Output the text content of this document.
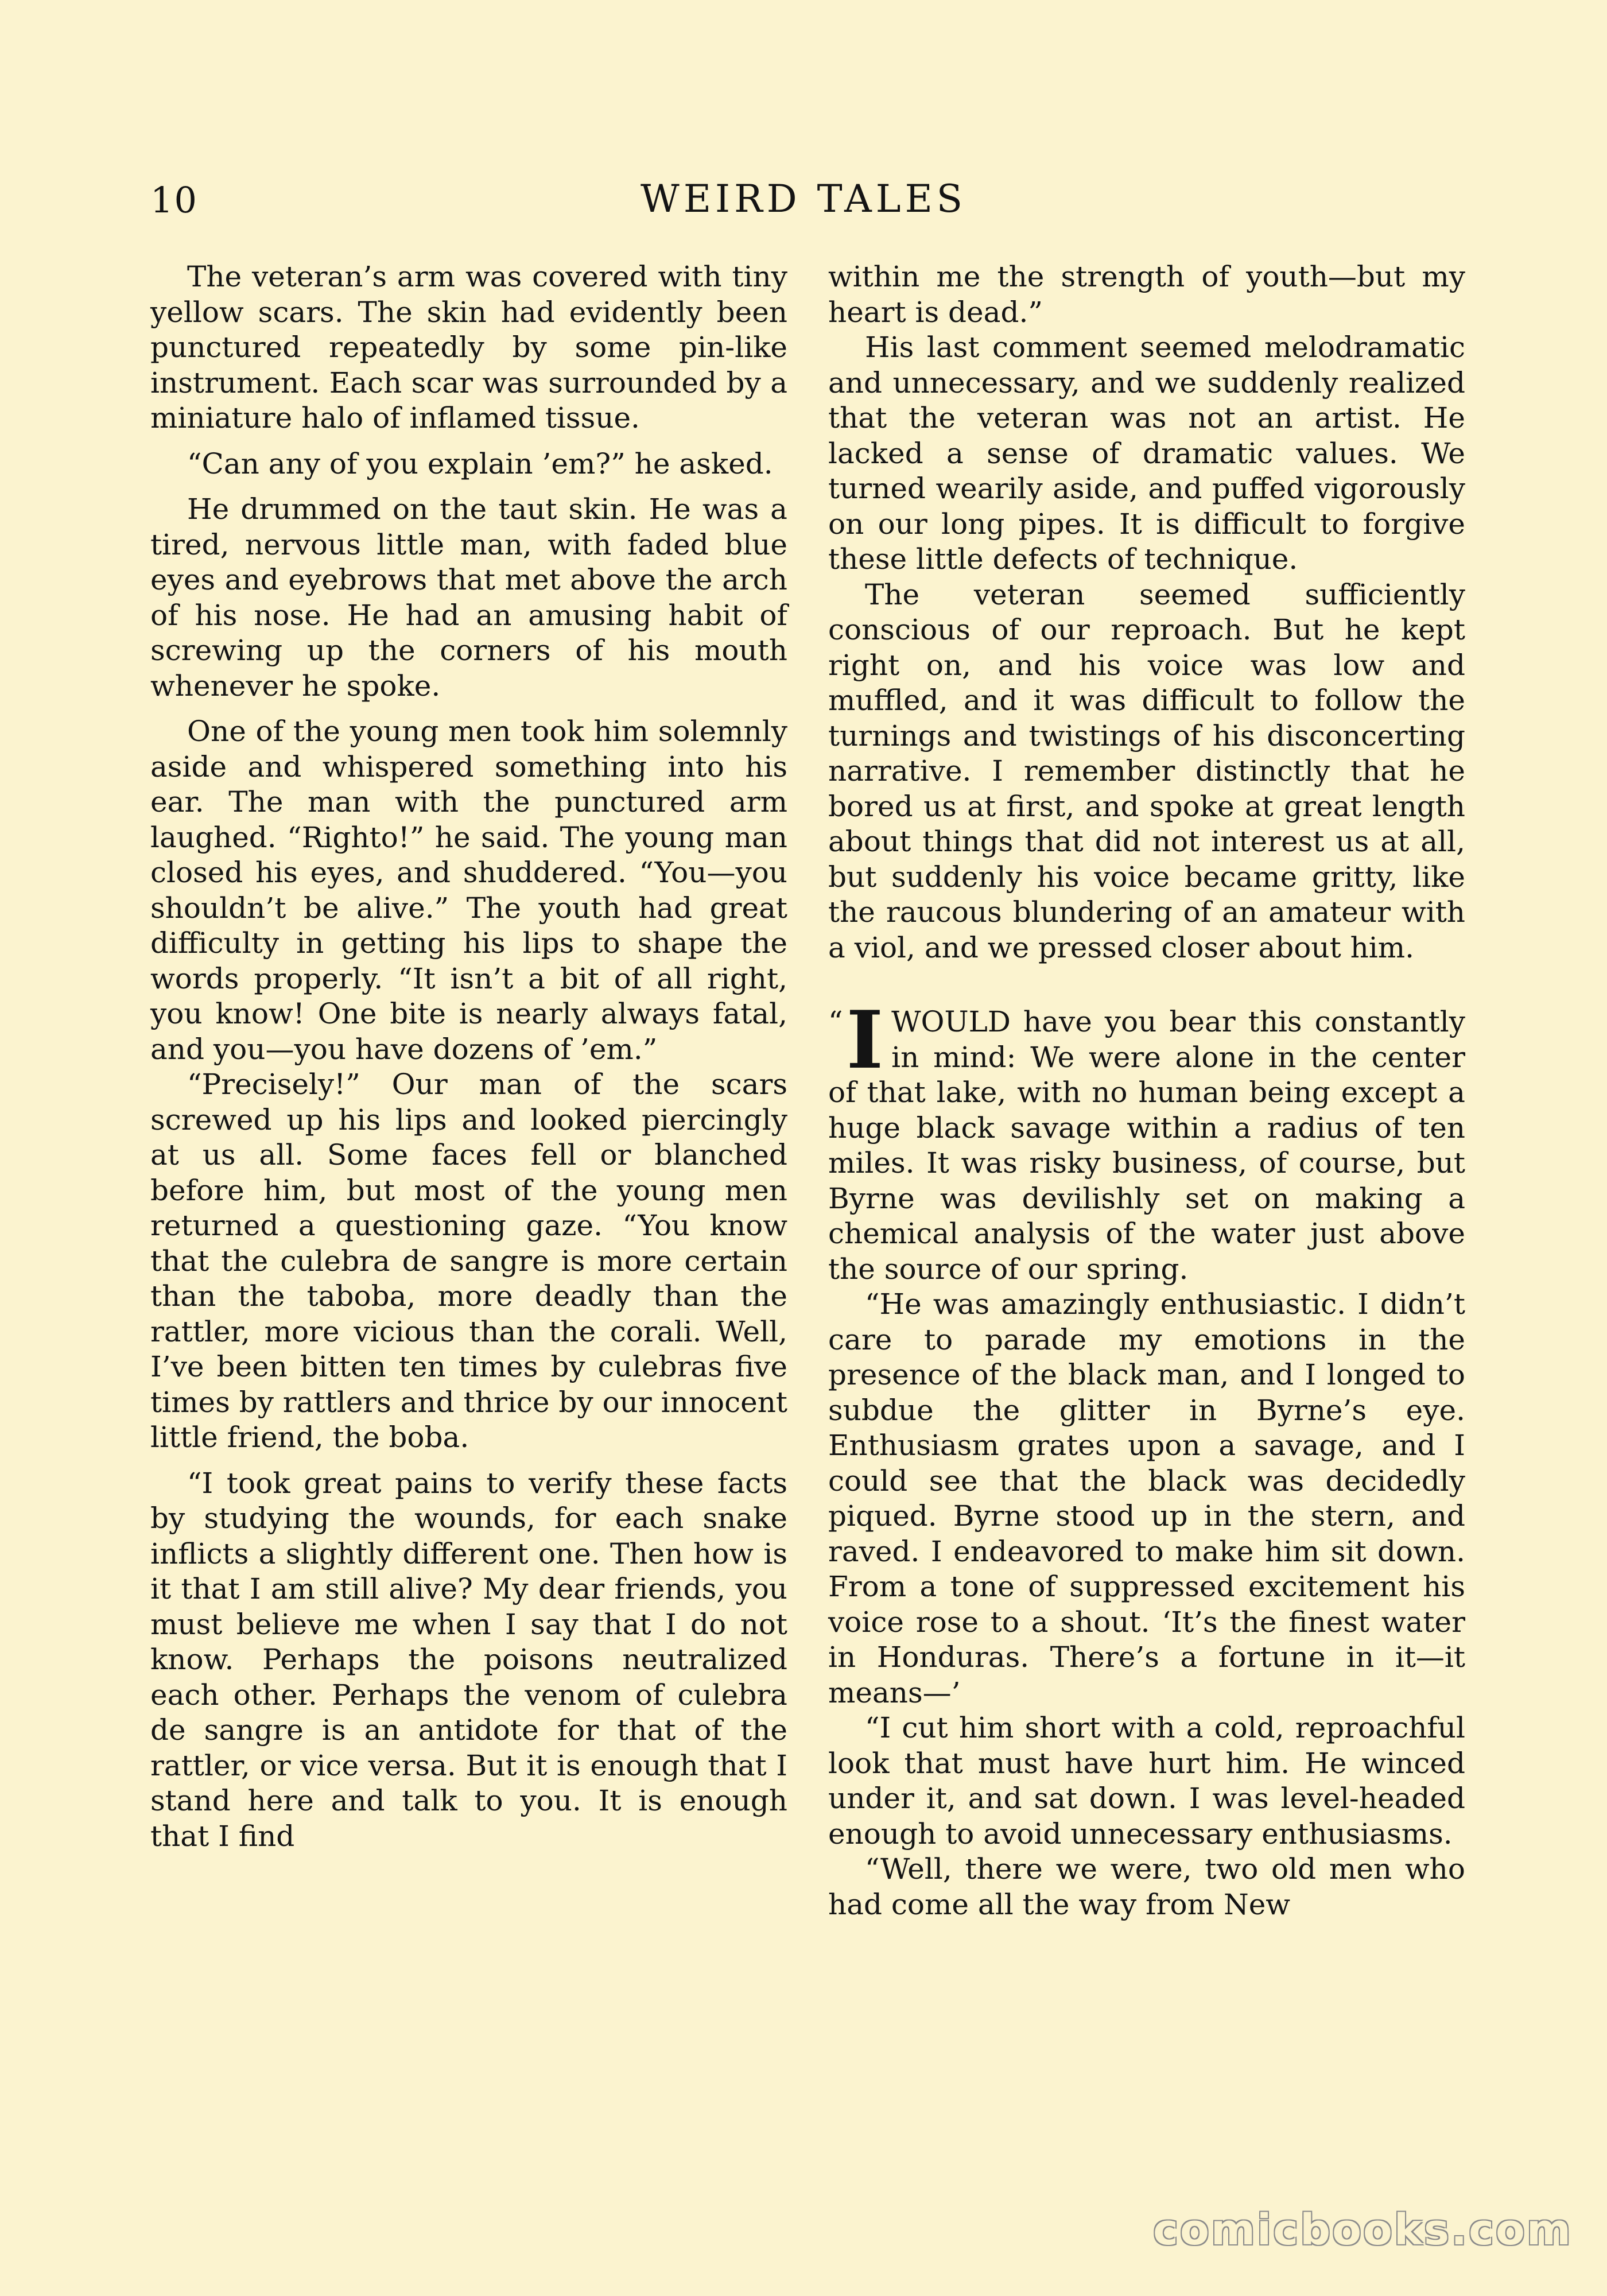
10	WEIRD TALES

The veteran’s arm was covered with tiny yellow scars. The skin had evidently been punctured repeatedly by some pin-like instrument. Each scar was surrounded by a miniature halo of inflamed tissue.

“Can any of you explain ’em?” he asked.

He drummed on the taut skin. He was a tired, nervous little man, with faded blue eyes and eyebrows that met above the arch of his nose. He had an amusing habit of screwing up the corners of his mouth whenever he spoke.

One of the young men took him solemnly aside and whispered something into his ear. The man with the punctured arm laughed. “Righto!” he said. The young man closed his eyes, and shuddered. “You—you shouldn’t be alive.” The youth had great difficulty in getting his lips to shape the words properly. “It isn’t a bit of all right, you know! One bite is nearly always fatal, and you—you have dozens of ’em.”

“Precisely!” Our man of the scars screwed up his lips and looked piercingly at us all. Some faces fell or blanched before him, but most of the young men returned a questioning gaze. “You know that the culebra de sangre is more certain than the taboba, more deadly than the rattler, more vicious than the corali. Well, I’ve been bitten ten times by culebras five times by rattlers and thrice by our innocent little friend, the boba.

“I took great pains to verify these facts by studying the wounds, for each snake inflicts a slightly different one. Then how is it that I am still alive? My dear friends, you must believe me when I say that I do not know. Perhaps the poisons neutralized each other. Perhaps the venom of culebra de sangre is an antidote for that of the rattler, or vice versa. But it is enough that I stand here and talk to you. It is enough that I find

within me the strength of youth—but my heart is dead.”

His last comment seemed melodramatic and unnecessary, and we suddenly realized that the veteran was not an artist. He lacked a sense of dramatic values. We turned wearily aside, and puffed vigorously on our long pipes. It is difficult to forgive these little defects of technique.

The veteran seemed sufficiently conscious of our reproach. But he kept right on, and his voice was low and muffled, and it was difficult to follow the turnings and twistings of his disconcerting narrative. I remember distinctly that he bored us at first, and spoke at great length about things that did not interest us at all, but suddenly his voice became gritty, like the raucous blundering of an amateur with a viol, and we pressed closer about him.

“ I WOULD have you bear this constantly in mind: We were alone in the center of that lake, with no human being except a huge black savage within a radius of ten miles. It was risky business, of course, but Byrne was devilishly set on making a chemical analysis of the water just above the source of our spring.

“He was amazingly enthusiastic. I didn’t care to parade my emotions in the presence of the black man, and I longed to subdue the glitter in Byrne’s eye. Enthusiasm grates upon a savage, and I could see that the black was decidedly piqued. Byrne stood up in the stern, and raved. I endeavored to make him sit down. From a tone of suppressed excitement his voice rose to a shout. ‘It’s the finest water in Honduras. There’s a fortune in it—it means—’

“I cut him short with a cold, reproachful look that must have hurt him. He winced under it, and sat down. I was level-headed enough to avoid unnecessary enthusiasms.

“Well, there we were, two old men who had come all the way from New

comicbooks.com
